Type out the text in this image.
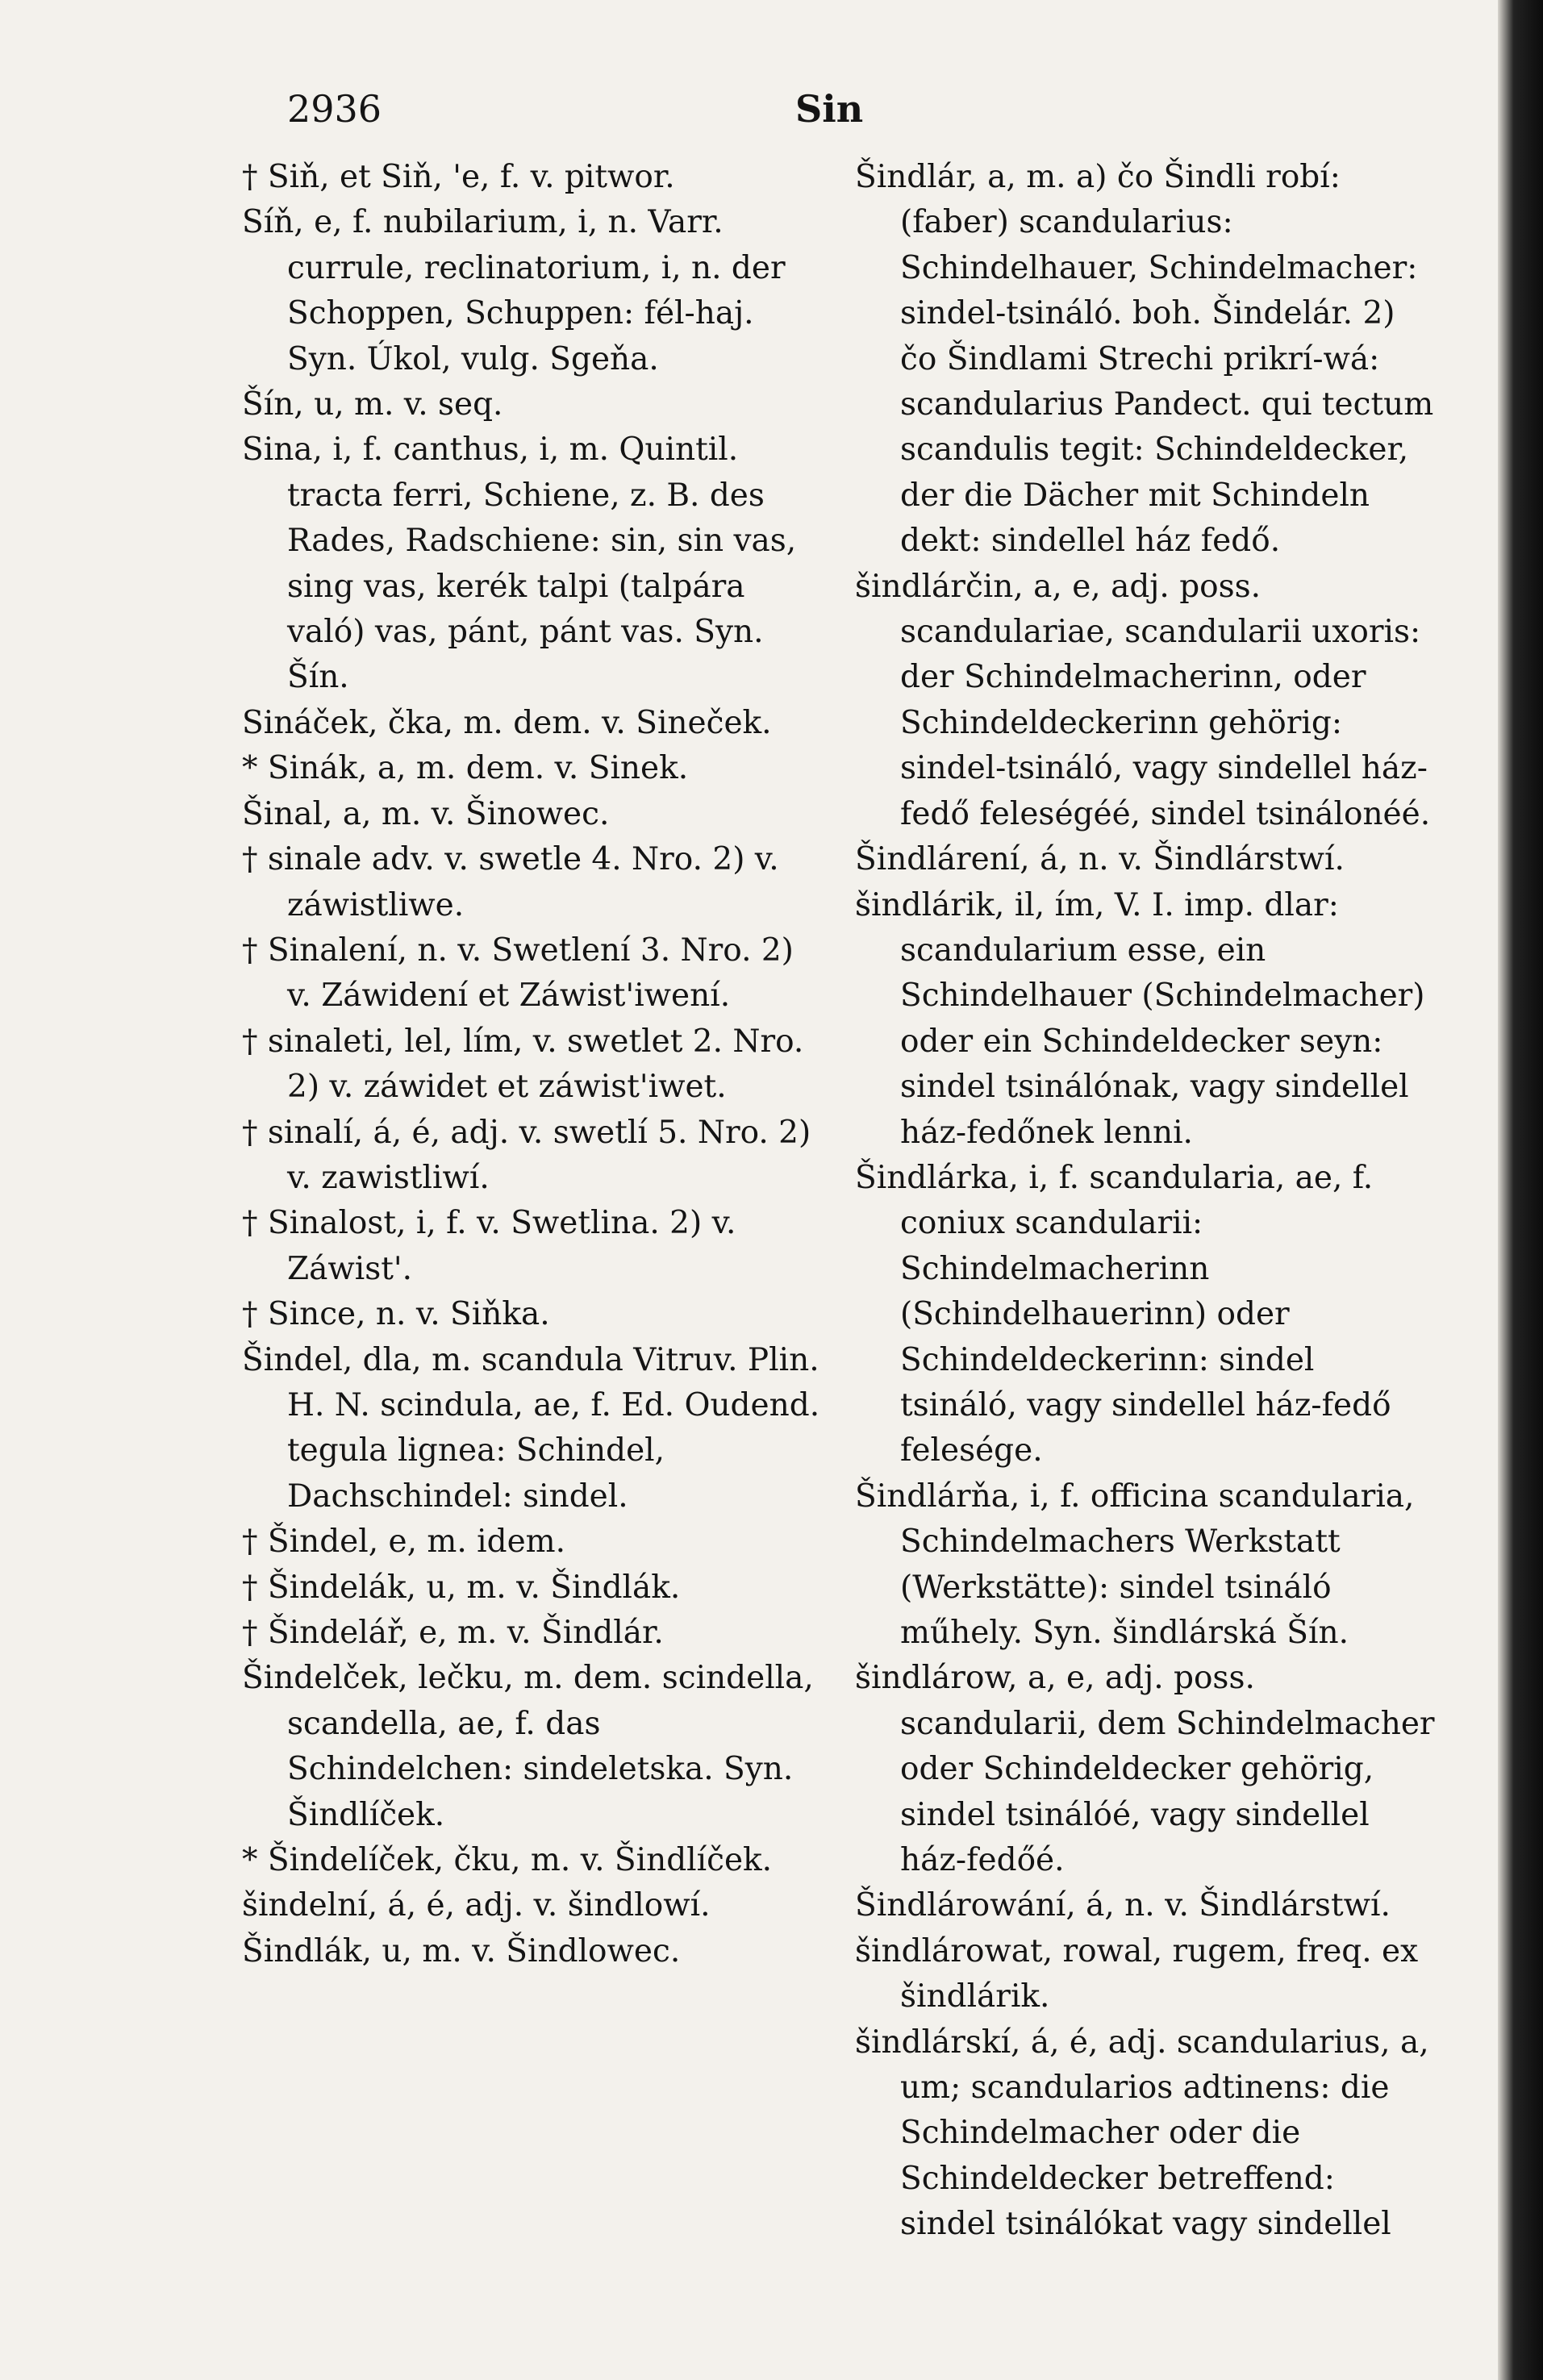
2936	Sin

† Siň, et Siň, 'e, f. v. pitwor.

Síň, e, f. nubilarium, i, n. Varr. currule, reclinatorium, i, n. der Schoppen, Schuppen: fél-haj. Syn. Úkol, vulg. Sgeňa.

Šín, u, m. v. seq.

Sina, i, f. canthus, i, m. Quintil. tracta ferri, Schiene, z. B. des Rades, Radschiene: sin, sin vas, sing vas, kerék talpi (talpára való) vas, pánt, pánt vas. Syn. Šín.

Sináček, čka, m. dem. v. Sineček.

* Sinák, a, m. dem. v. Sinek.

Šinal, a, m. v. Šinowec.

† sinale adv. v. swetle 4. Nro. 2) v. záwistliwe.

† Sinalení, n. v. Swetlení 3. Nro. 2) v. Záwidení et Záwist'iwení.

† sinaleti, lel, lím, v. swetlet 2. Nro. 2) v. záwidet et záwist'iwet.

† sinalí, á, é, adj. v. swetlí 5. Nro. 2) v. zawistliwí.

† Sinalost, i, f. v. Swetlina. 2) v. Záwist'.

† Since, n. v. Siňka.

Šindel, dla, m. scandula Vitruv. Plin. H. N. scindula, ae, f. Ed. Oudend. tegula lignea: Schindel, Dachschindel: sindel.

† Šindel, e, m. idem.

† Šindelák, u, m. v. Šindlák.

† Šindelář, e, m. v. Šindlár.

Šindelček, lečku, m. dem. scindella, scandella, ae, f. das Schindelchen: sindeletska. Syn. Šindlíček.

* Šindelíček, čku, m. v. Šindlíček.

šindelní, á, é, adj. v. šindlowí.

Šindlák, u, m. v. Šindlowec.

Šindlár, a, m. a) čo Šindli robí: (faber) scandularius: Schindelhauer, Schindelmacher: sindel-tsináló. boh. Šindelár. 2) čo Šindlami Strechi prikrí-wá: scandularius Pandect. qui tectum scandulis tegit: Schindeldecker, der die Dächer mit Schindeln dekt: sindellel ház fedő.

šindlárčin, a, e, adj. poss. scandulariae, scandularii uxoris: der Schindelmacherinn, oder Schindeldeckerinn gehörig: sindel-tsináló, vagy sindellel ház-fedő feleségéé, sindel tsinálonéé.

Šindlárení, á, n. v. Šindlárstwí.

šindlárik, il, ím, V. I. imp. dlar: scandularium esse, ein Schindelhauer (Schindelmacher) oder ein Schindeldecker seyn: sindel tsinálónak, vagy sindellel ház-fedőnek lenni.

Šindlárka, i, f. scandularia, ae, f. coniux scandularii: Schindelmacherinn (Schindelhauerinn) oder Schindeldeckerinn: sindel tsináló, vagy sindellel ház-fedő felesége.

Šindlárňa, i, f. officina scandularia, Schindelmachers Werkstatt (Werkstätte): sindel tsináló műhely. Syn. šindlárská Šín.

šindlárow, a, e, adj. poss. scandularii, dem Schindelmacher oder Schindeldecker gehörig, sindel tsinálóé, vagy sindellel ház-fedőé.

Šindlárowání, á, n. v. Šindlárstwí.

šindlárowat, rowal, rugem, freq. ex šindlárik.

šindlárskí, á, é, adj. scandularius, a, um; scandularios adtinens: die Schindelmacher oder die Schindeldecker betreffend: sindel tsinálókat vagy sindellel
